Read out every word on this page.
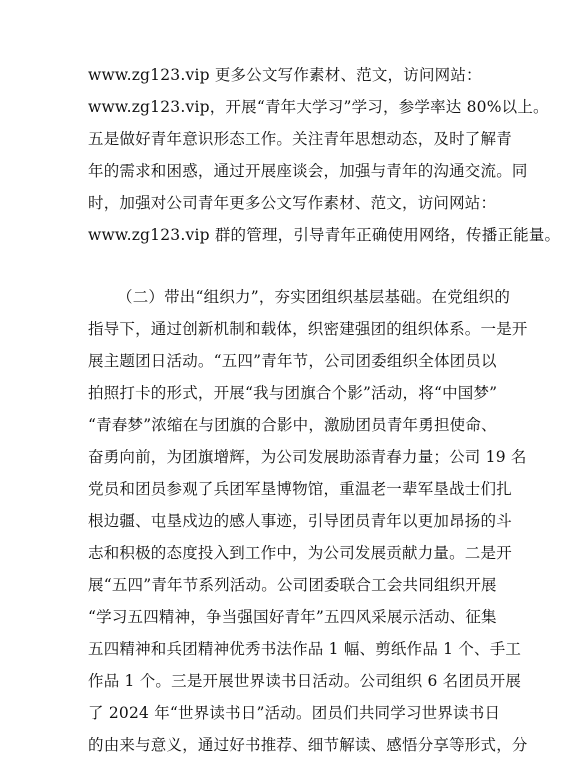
www.zg123.vip 更多公文写作素材、范文，访问网站：
www.zg123.vip，开展“青年大学习”学习，参学率达 80%以上。
五是做好青年意识形态工作。关注青年思想动态，及时了解青
年的需求和困惑，通过开展座谈会，加强与青年的沟通交流。同
时，加强对公司青年更多公文写作素材、范文，访问网站：
www.zg123.vip 群的管理，引导青年正确使用网络，传播正能量。
（二）带出“组织力”，夯实团组织基层基础。在党组织的
指导下，通过创新机制和载体，织密建强团的组织体系。一是开
展主题团日活动。“五四”青年节，公司团委组织全体团员以
拍照打卡的形式，开展“我与团旗合个影”活动，将“中国梦”
“青春梦”浓缩在与团旗的合影中，激励团员青年勇担使命、
奋勇向前，为团旗增辉，为公司发展助添青春力量；公司 19 名
党员和团员参观了兵团军垦博物馆，重温老一辈军垦战士们扎
根边疆、屯垦戍边的感人事迹，引导团员青年以更加昂扬的斗
志和积极的态度投入到工作中，为公司发展贡献力量。二是开
展“五四”青年节系列活动。公司团委联合工会共同组织开展
“学习五四精神，争当强国好青年”五四风采展示活动、征集
五四精神和兵团精神优秀书法作品 1 幅、剪纸作品 1 个、手工
作品 1 个。三是开展世界读书日活动。公司组织 6 名团员开展
了 2024 年“世界读书日”活动。团员们共同学习世界读书日
的由来与意义，通过好书推荐、细节解读、感悟分享等形式，分
